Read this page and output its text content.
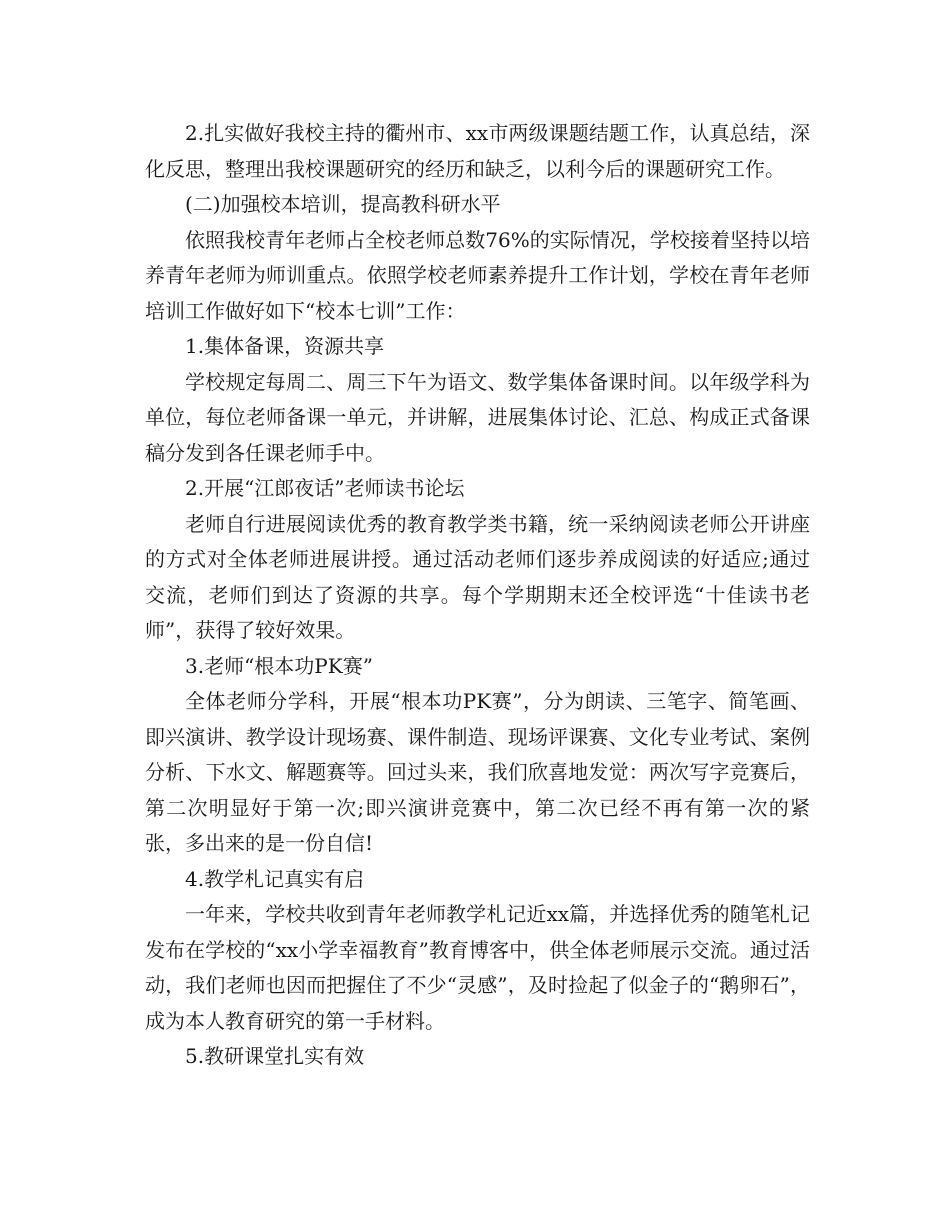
2.扎实做好我校主持的衢州市、xx市两级课题结题工作，认真总结，深化反思，整理出我校课题研究的经历和缺乏，以利今后的课题研究工作。

(二)加强校本培训，提高教科研水平

依照我校青年老师占全校老师总数76%的实际情况，学校接着坚持以培养青年老师为师训重点。依照学校老师素养提升工作计划，学校在青年老师培训工作做好如下“校本七训”工作：

1.集体备课，资源共享

学校规定每周二、周三下午为语文、数学集体备课时间。以年级学科为单位，每位老师备课一单元，并讲解，进展集体讨论、汇总、构成正式备课稿分发到各任课老师手中。

2.开展“江郎夜话”老师读书论坛

老师自行进展阅读优秀的教育教学类书籍，统一采纳阅读老师公开讲座的方式对全体老师进展讲授。通过活动老师们逐步养成阅读的好适应;通过交流，老师们到达了资源的共享。每个学期期末还全校评选“十佳读书老师”，获得了较好效果。

3.老师“根本功PK赛”

全体老师分学科，开展“根本功PK赛”，分为朗读、三笔字、简笔画、即兴演讲、教学设计现场赛、课件制造、现场评课赛、文化专业考试、案例分析、下水文、解题赛等。回过头来，我们欣喜地发觉：两次写字竞赛后，第二次明显好于第一次;即兴演讲竞赛中，第二次已经不再有第一次的紧张，多出来的是一份自信!

4.教学札记真实有启

一年来，学校共收到青年老师教学札记近xx篇，并选择优秀的随笔札记发布在学校的“xx小学幸福教育”教育博客中，供全体老师展示交流。通过活动，我们老师也因而把握住了不少“灵感”，及时捡起了似金子的“鹅卵石”，成为本人教育研究的第一手材料。

5.教研课堂扎实有效
